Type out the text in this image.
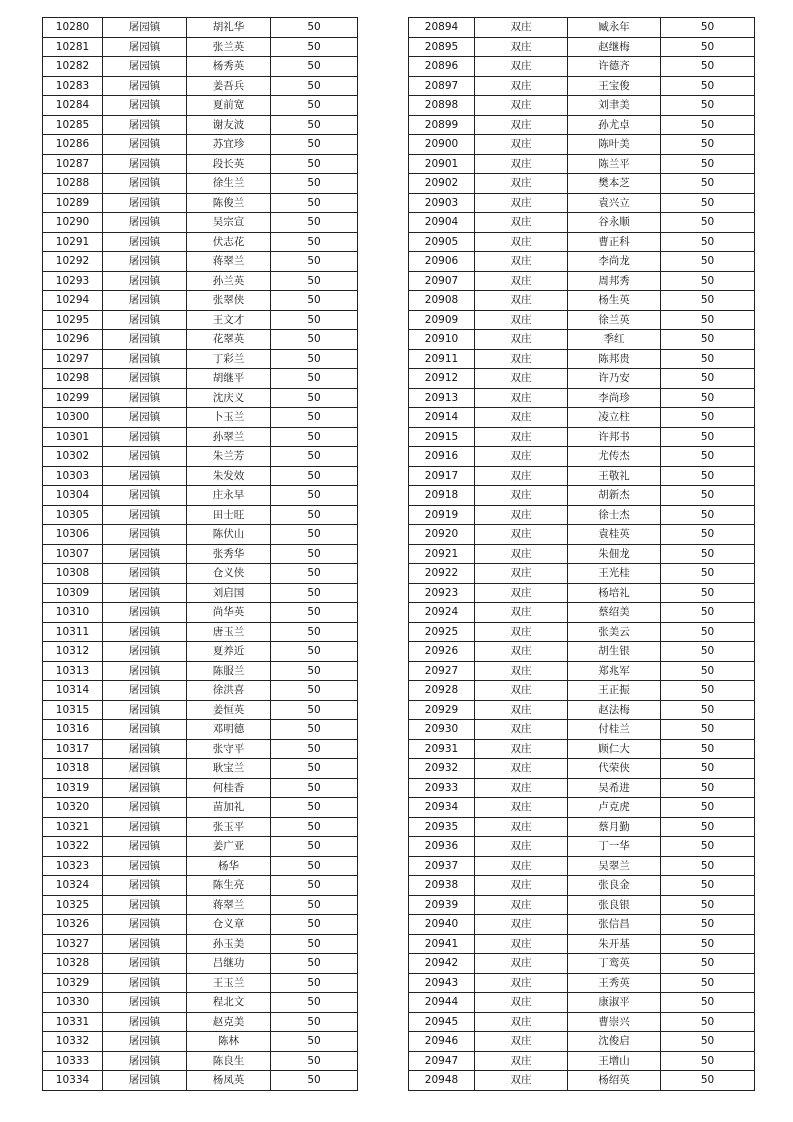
10280	屠园镇	胡礼华	50
10281	屠园镇	张兰英	50
10282	屠园镇	杨秀英	50
10283	屠园镇	姜吾兵	50
10284	屠园镇	夏前宽	50
10285	屠园镇	谢友波	50
10286	屠园镇	苏宜珍	50
10287	屠园镇	段长英	50
10288	屠园镇	徐生兰	50
10289	屠园镇	陈俊兰	50
10290	屠园镇	吴宗宣	50
10291	屠园镇	伏志花	50
10292	屠园镇	蒋翠兰	50
10293	屠园镇	孙兰英	50
10294	屠园镇	张翠侠	50
10295	屠园镇	王文才	50
10296	屠园镇	花翠英	50
10297	屠园镇	丁彩兰	50
10298	屠园镇	胡继平	50
10299	屠园镇	沈庆义	50
10300	屠园镇	卜玉兰	50
10301	屠园镇	孙翠兰	50
10302	屠园镇	朱兰芳	50
10303	屠园镇	朱发效	50
10304	屠园镇	庄永早	50
10305	屠园镇	田士旺	50
10306	屠园镇	陈伏山	50
10307	屠园镇	张秀华	50
10308	屠园镇	仓义侠	50
10309	屠园镇	刘启国	50
10310	屠园镇	尚华英	50
10311	屠园镇	唐玉兰	50
10312	屠园镇	夏养近	50
10313	屠园镇	陈服兰	50
10314	屠园镇	徐洪喜	50
10315	屠园镇	姜恒英	50
10316	屠园镇	邓明德	50
10317	屠园镇	张守平	50
10318	屠园镇	耿宝兰	50
10319	屠园镇	何桂香	50
10320	屠园镇	苗加礼	50
10321	屠园镇	张玉平	50
10322	屠园镇	姜广亚	50
10323	屠园镇	杨华	50
10324	屠园镇	陈生亮	50
10325	屠园镇	蒋翠兰	50
10326	屠园镇	仓义章	50
10327	屠园镇	孙玉美	50
10328	屠园镇	吕继功	50
10329	屠园镇	王玉兰	50
10330	屠园镇	程北文	50
10331	屠园镇	赵克美	50
10332	屠园镇	陈林	50
10333	屠园镇	陈良生	50
10334	屠园镇	杨凤英	50
20894	双庄	臧永年	50
20895	双庄	赵继梅	50
20896	双庄	许德齐	50
20897	双庄	王宝俊	50
20898	双庄	刘聿美	50
20899	双庄	孙尤卓	50
20900	双庄	陈叶美	50
20901	双庄	陈兰平	50
20902	双庄	樊本芝	50
20903	双庄	袁兴立	50
20904	双庄	谷永顺	50
20905	双庄	曹正科	50
20906	双庄	李尚龙	50
20907	双庄	周邦秀	50
20908	双庄	杨生英	50
20909	双庄	徐兰英	50
20910	双庄	季红	50
20911	双庄	陈邦贵	50
20912	双庄	许乃安	50
20913	双庄	李尚珍	50
20914	双庄	凌立柱	50
20915	双庄	许邦书	50
20916	双庄	尤传杰	50
20917	双庄	王敬礼	50
20918	双庄	胡新杰	50
20919	双庄	徐士杰	50
20920	双庄	袁桂英	50
20921	双庄	朱佃龙	50
20922	双庄	王光桂	50
20923	双庄	杨培礼	50
20924	双庄	蔡绍美	50
20925	双庄	张美云	50
20926	双庄	胡生银	50
20927	双庄	郑兆军	50
20928	双庄	王正振	50
20929	双庄	赵法梅	50
20930	双庄	付桂兰	50
20931	双庄	顾仁大	50
20932	双庄	代荣侠	50
20933	双庄	吴希进	50
20934	双庄	卢克虎	50
20935	双庄	蔡月勤	50
20936	双庄	丁一华	50
20937	双庄	吴翠兰	50
20938	双庄	张良金	50
20939	双庄	张良银	50
20940	双庄	张信昌	50
20941	双庄	朱开基	50
20942	双庄	丁鸾英	50
20943	双庄	王秀英	50
20944	双庄	康淑平	50
20945	双庄	曹崇兴	50
20946	双庄	沈俊启	50
20947	双庄	王增山	50
20948	双庄	杨绍英	50
